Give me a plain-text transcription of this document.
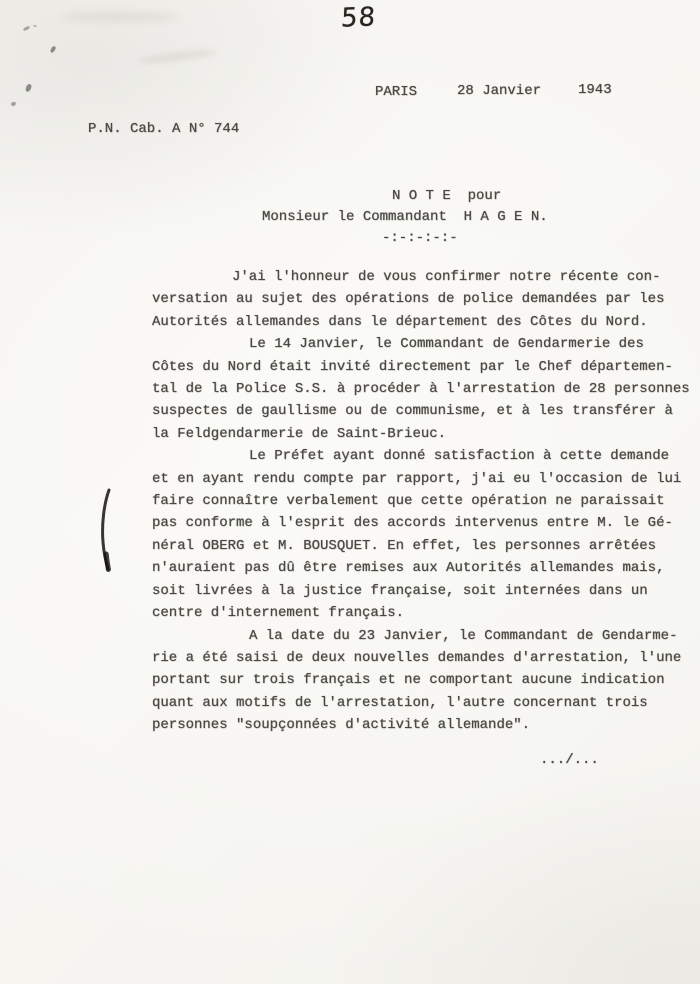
58
PARIS	28 Janvier	1943
P.N. Cab. A N° 744
N O T E  pour
Monsieur le Commandant  H A G E N.
-:-:-:-:-
J'ai l'honneur de vous confirmer notre récente con-
versation au sujet des opérations de police demandées par les
Autorités allemandes dans le département des Côtes du Nord.
Le 14 Janvier, le Commandant de Gendarmerie des
Côtes du Nord était invité directement par le Chef départemen-
tal de la Police S.S. à procéder à l'arrestation de 28 personnes
suspectes de gaullisme ou de communisme, et à les transférer à
la Feldgendarmerie de Saint-Brieuc.
Le Préfet ayant donné satisfaction à cette demande
et en ayant rendu compte par rapport, j'ai eu l'occasion de lui
faire connaître verbalement que cette opération ne paraissait
pas conforme à l'esprit des accords intervenus entre M. le Gé-
néral OBERG et M. BOUSQUET. En effet, les personnes arrêtées
n'auraient pas dû être remises aux Autorités allemandes mais,
soit livrées à la justice française, soit internées dans un
centre d'internement français.
A la date du 23 Janvier, le Commandant de Gendarme-
rie a été saisi de deux nouvelles demandes d'arrestation, l'une
portant sur trois français et ne comportant aucune indication
quant aux motifs de l'arrestation, l'autre concernant trois
personnes "soupçonnées d'activité allemande".
.../...
